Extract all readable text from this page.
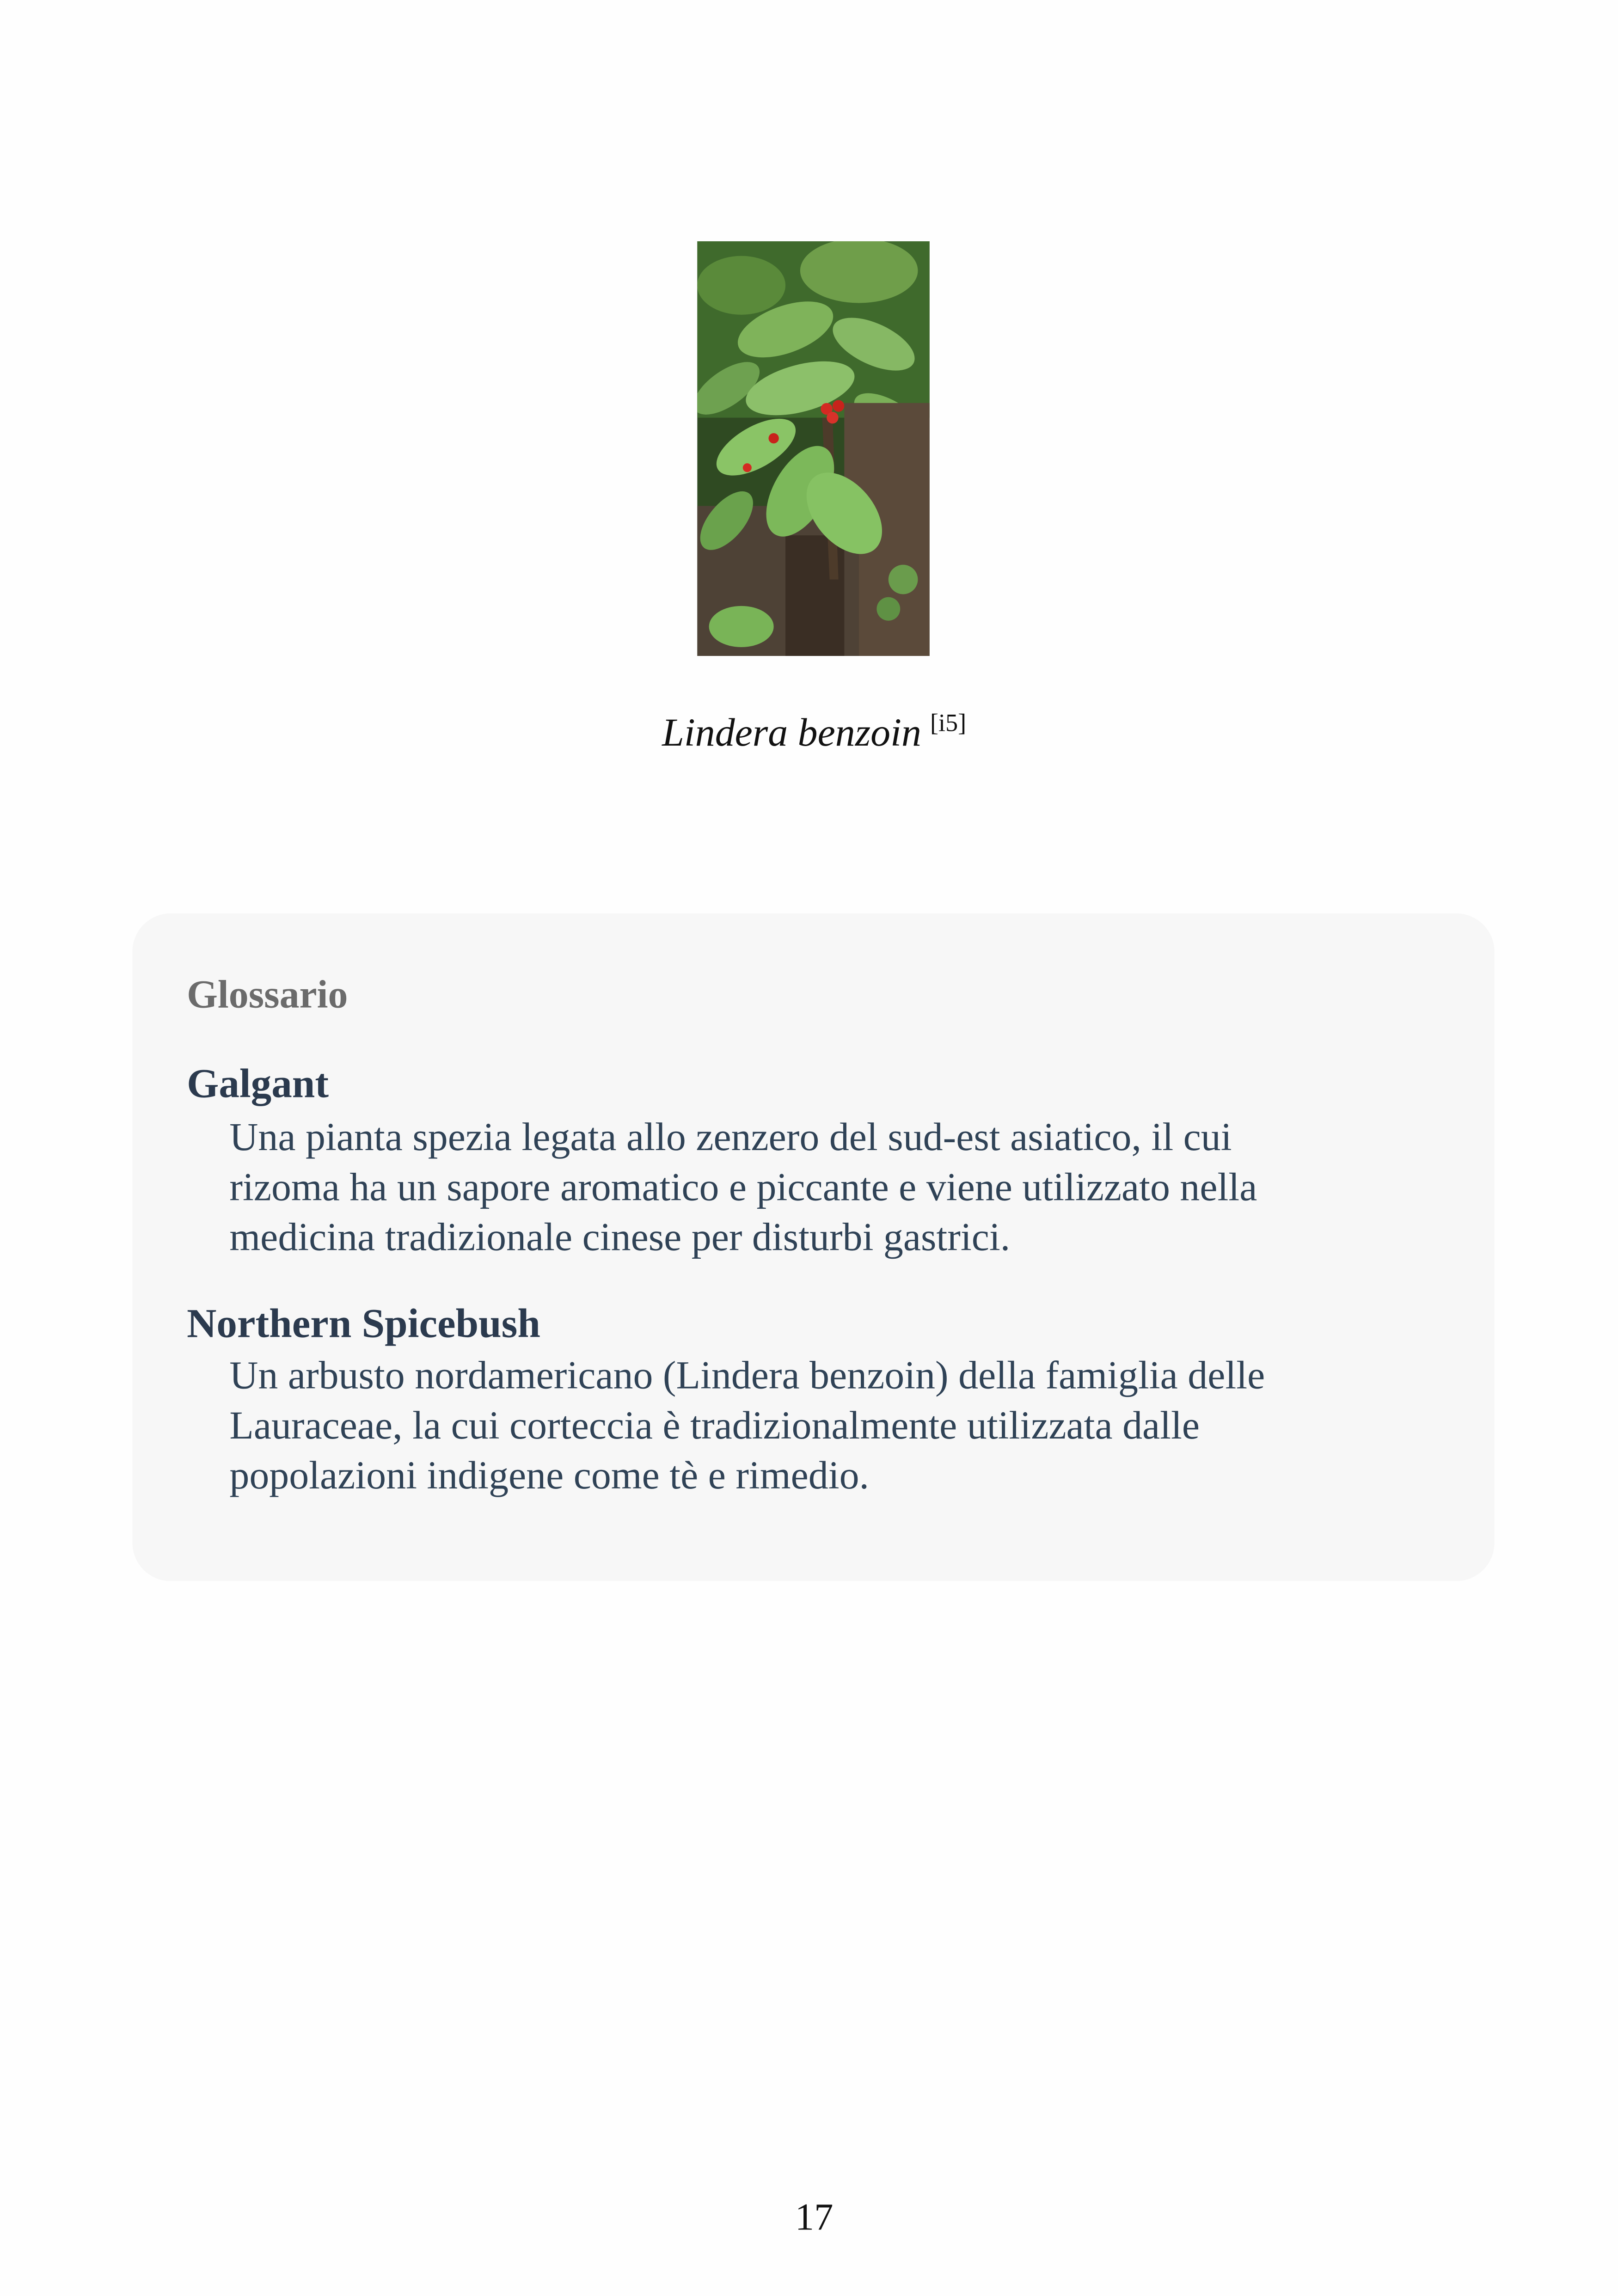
Lindera benzoin [i5]
Glossario
Galgant
Una pianta spezia legata allo zenzero del sud-est asiatico, il cui
rizoma ha un sapore aromatico e piccante e viene utilizzato nella
medicina tradizionale cinese per disturbi gastrici.
Northern Spicebush
Un arbusto nordamericano (Lindera benzoin) della famiglia delle
Lauraceae, la cui corteccia è tradizionalmente utilizzata dalle
popolazioni indigene come tè e rimedio.
17
